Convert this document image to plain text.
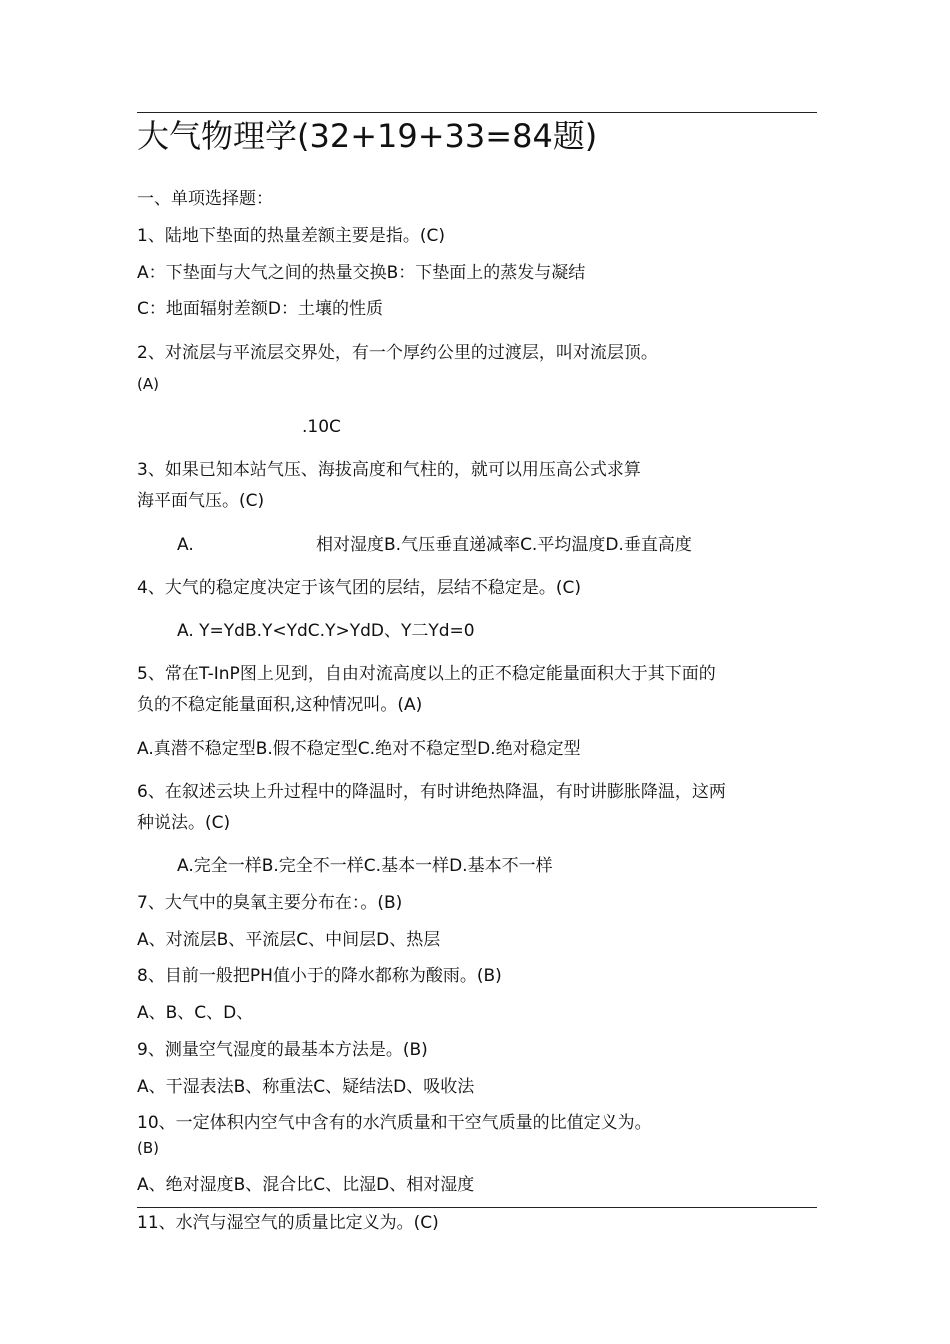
大气物理学(32+19+33=84题)
一、单项选择题：
1、陆地下垫面的热量差额主要是指。(C)
A：下垫面与大气之间的热量交换B：下垫面上的蒸发与凝结
C：地面辐射差额D：土壤的性质
2、对流层与平流层交界处，有一个厚约公里的过渡层，叫对流层顶。
(A)
.10C
3、如果已知本站气压、海拔高度和气柱的，就可以用压高公式求算
海平面气压。(C)
A.	相对湿度B.气压垂直递减率C.平均温度D.垂直高度
4、大气的稳定度决定于该气团的层结，层结不稳定是。(C)
A. Y=YdB.Y<YdC.Y>YdD、Y二Yd=0
5、常在T-InP图上见到，自由对流高度以上的正不稳定能量面积大于其下面的
负的不稳定能量面积,这种情况叫。(A)
A.真潜不稳定型B.假不稳定型C.绝对不稳定型D.绝对稳定型
6、在叙述云块上升过程中的降温时，有时讲绝热降温，有时讲膨胀降温，这两
种说法。(C)
A.完全一样B.完全不一样C.基本一样D.基本不一样
7、大气中的臭氧主要分布在：。(B)
A、对流层B、平流层C、中间层D、热层
8、目前一般把PH值小于的降水都称为酸雨。(B)
A、B、C、D、
9、测量空气湿度的最基本方法是。(B)
A、干湿表法B、称重法C、疑结法D、吸收法
10、一定体积内空气中含有的水汽质量和干空气质量的比值定义为。
(B)
A、绝对湿度B、混合比C、比湿D、相对湿度
11、水汽与湿空气的质量比定义为。(C)
